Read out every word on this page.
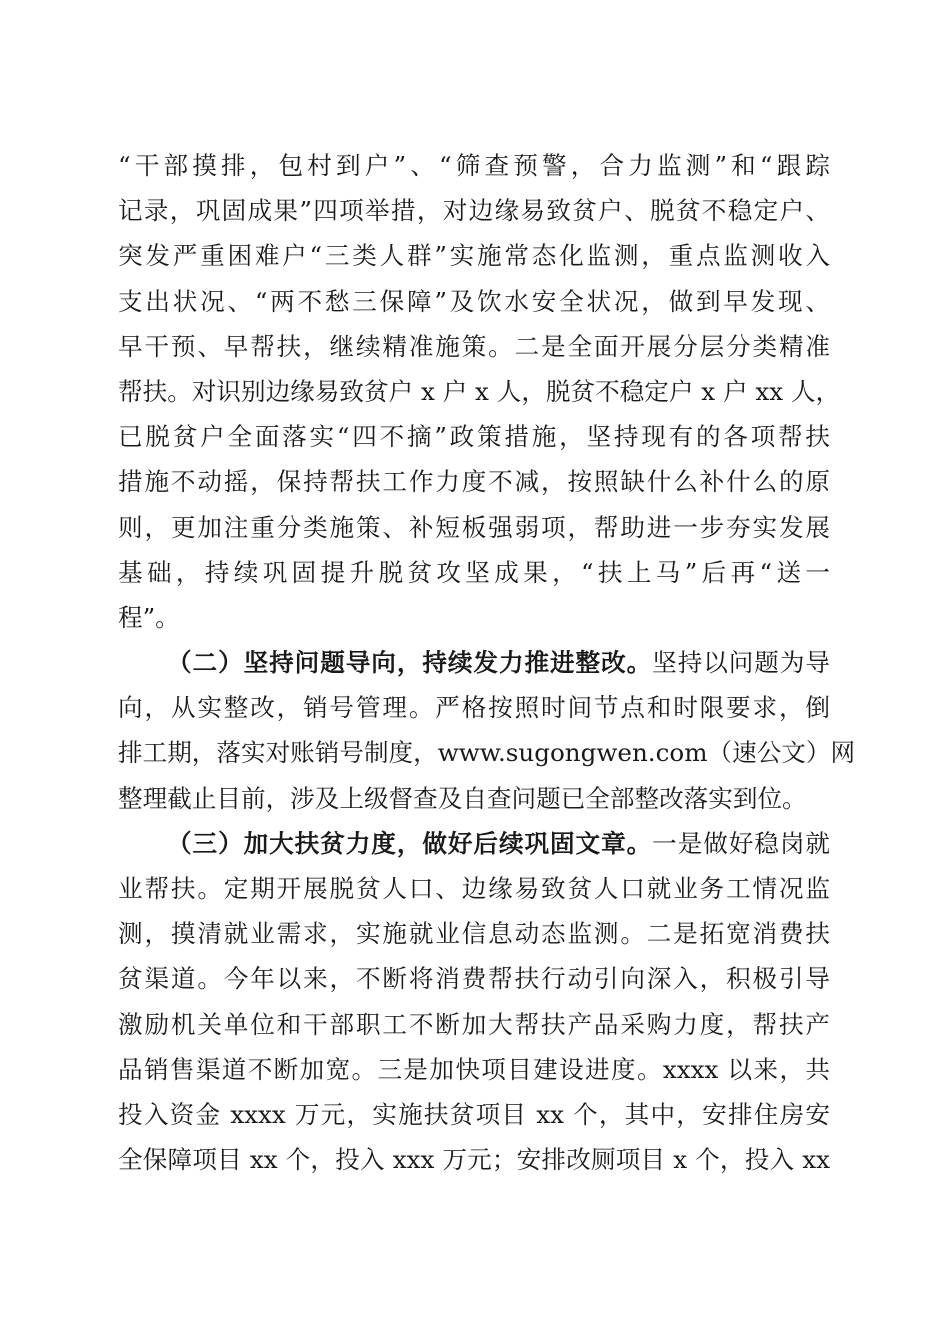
“干部摸排，包村到户”、“筛查预警，合力监测”和“跟踪
记录，巩固成果”四项举措，对边缘易致贫户、脱贫不稳定户、
突发严重困难户“三类人群”实施常态化监测，重点监测收入
支出状况、“两不愁三保障”及饮水安全状况，做到早发现、
早干预、早帮扶，继续精准施策。二是全面开展分层分类精准
帮扶。对识别边缘易致贫户 x 户 x 人，脱贫不稳定户 x 户 xx 人，
已脱贫户全面落实“四不摘”政策措施，坚持现有的各项帮扶
措施不动摇，保持帮扶工作力度不减，按照缺什么补什么的原
则，更加注重分类施策、补短板强弱项，帮助进一步夯实发展
基础，持续巩固提升脱贫攻坚成果，“扶上马”后再“送一
程”。
（二）坚持问题导向，持续发力推进整改。坚持以问题为导
向，从实整改，销号管理。严格按照时间节点和时限要求，倒
排工期，落实对账销号制度，www.sugongwen.com（速公文）网
整理截止目前，涉及上级督查及自查问题已全部整改落实到位。
（三）加大扶贫力度，做好后续巩固文章。一是做好稳岗就
业帮扶。定期开展脱贫人口、边缘易致贫人口就业务工情况监
测，摸清就业需求，实施就业信息动态监测。二是拓宽消费扶
贫渠道。今年以来，不断将消费帮扶行动引向深入，积极引导
激励机关单位和干部职工不断加大帮扶产品采购力度，帮扶产
品销售渠道不断加宽。三是加快项目建设进度。xxxx 以来，共
投入资金 xxxx 万元，实施扶贫项目 xx 个，其中，安排住房安
全保障项目 xx 个，投入 xxx 万元；安排改厕项目 x 个，投入 xx
